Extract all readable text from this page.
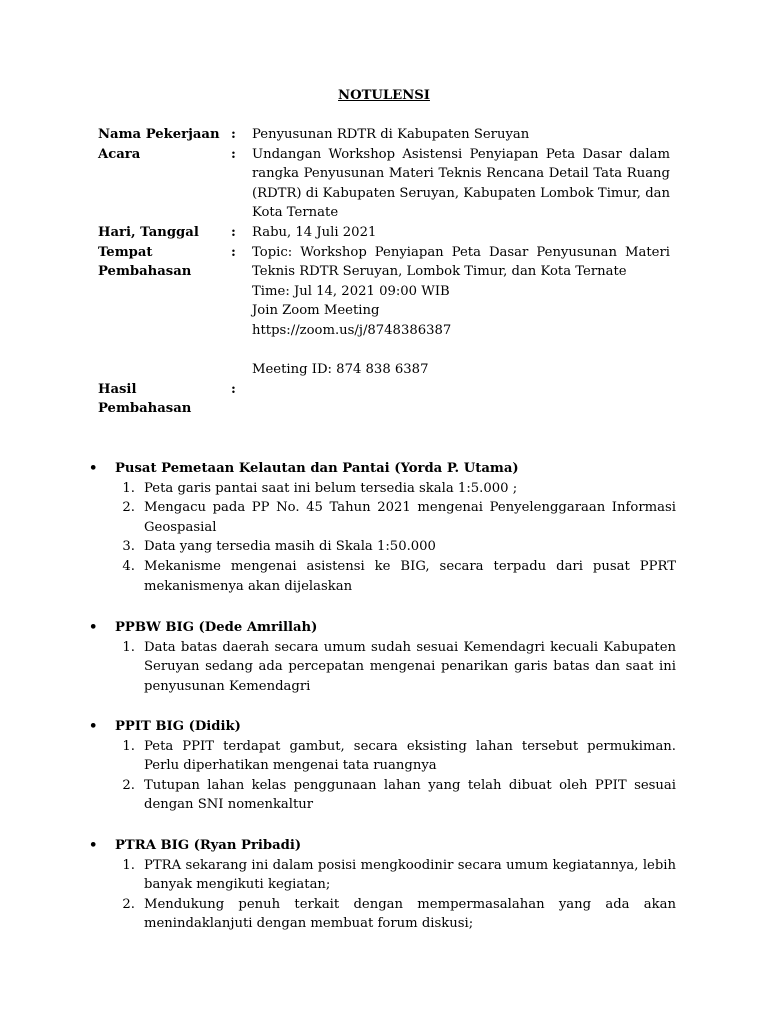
NOTULENSI
Nama Pekerjaan :	Penyusunan RDTR di Kabupaten Seruyan
Acara	:	Undangan Workshop Asistensi Penyiapan Peta Dasar dalam rangka Penyusunan Materi Teknis Rencana Detail Tata Ruang (RDTR) di Kabupaten Seruyan, Kabupaten Lombok Timur, dan Kota Ternate
Hari, Tanggal	:	Rabu, 14 Juli 2021
Tempat Pembahasan
:	Topic: Workshop Penyiapan Peta Dasar Penyusunan Materi Teknis RDTR Seruyan, Lombok Timur, dan Kota Ternate
Time: Jul 14, 2021 09:00 WIB
Join Zoom Meeting
https://zoom.us/j/8748386387
Meeting ID: 874 838 6387
Hasil Pembahasan
:
•	Pusat Pemetaan Kelautan dan Pantai (Yorda P. Utama)
1. Peta garis pantai saat ini belum tersedia skala 1:5.000 ;
2. Mengacu pada PP No. 45 Tahun 2021 mengenai Penyelenggaraan Informasi Geospasial
3. Data yang tersedia masih di Skala 1:50.000
4. Mekanisme mengenai asistensi ke BIG, secara terpadu dari pusat PPRT mekanismenya akan dijelaskan
•	PPBW BIG (Dede Amrillah)
1. Data batas daerah secara umum sudah sesuai Kemendagri kecuali Kabupaten Seruyan sedang ada percepatan mengenai penarikan garis batas dan saat ini penyusunan Kemendagri
•	PPIT BIG (Didik)
1. Peta PPIT terdapat gambut, secara eksisting lahan tersebut permukiman. Perlu diperhatikan mengenai tata ruangnya
2. Tutupan lahan kelas penggunaan lahan yang telah dibuat oleh PPIT sesuai dengan SNI nomenkaltur
•	PTRA BIG (Ryan Pribadi)
1. PTRA sekarang ini dalam posisi mengkoodinir secara umum kegiatannya, lebih banyak mengikuti kegiatan;
2. Mendukung penuh terkait dengan mempermasalahan yang ada akan menindaklanjuti dengan membuat forum diskusi;
